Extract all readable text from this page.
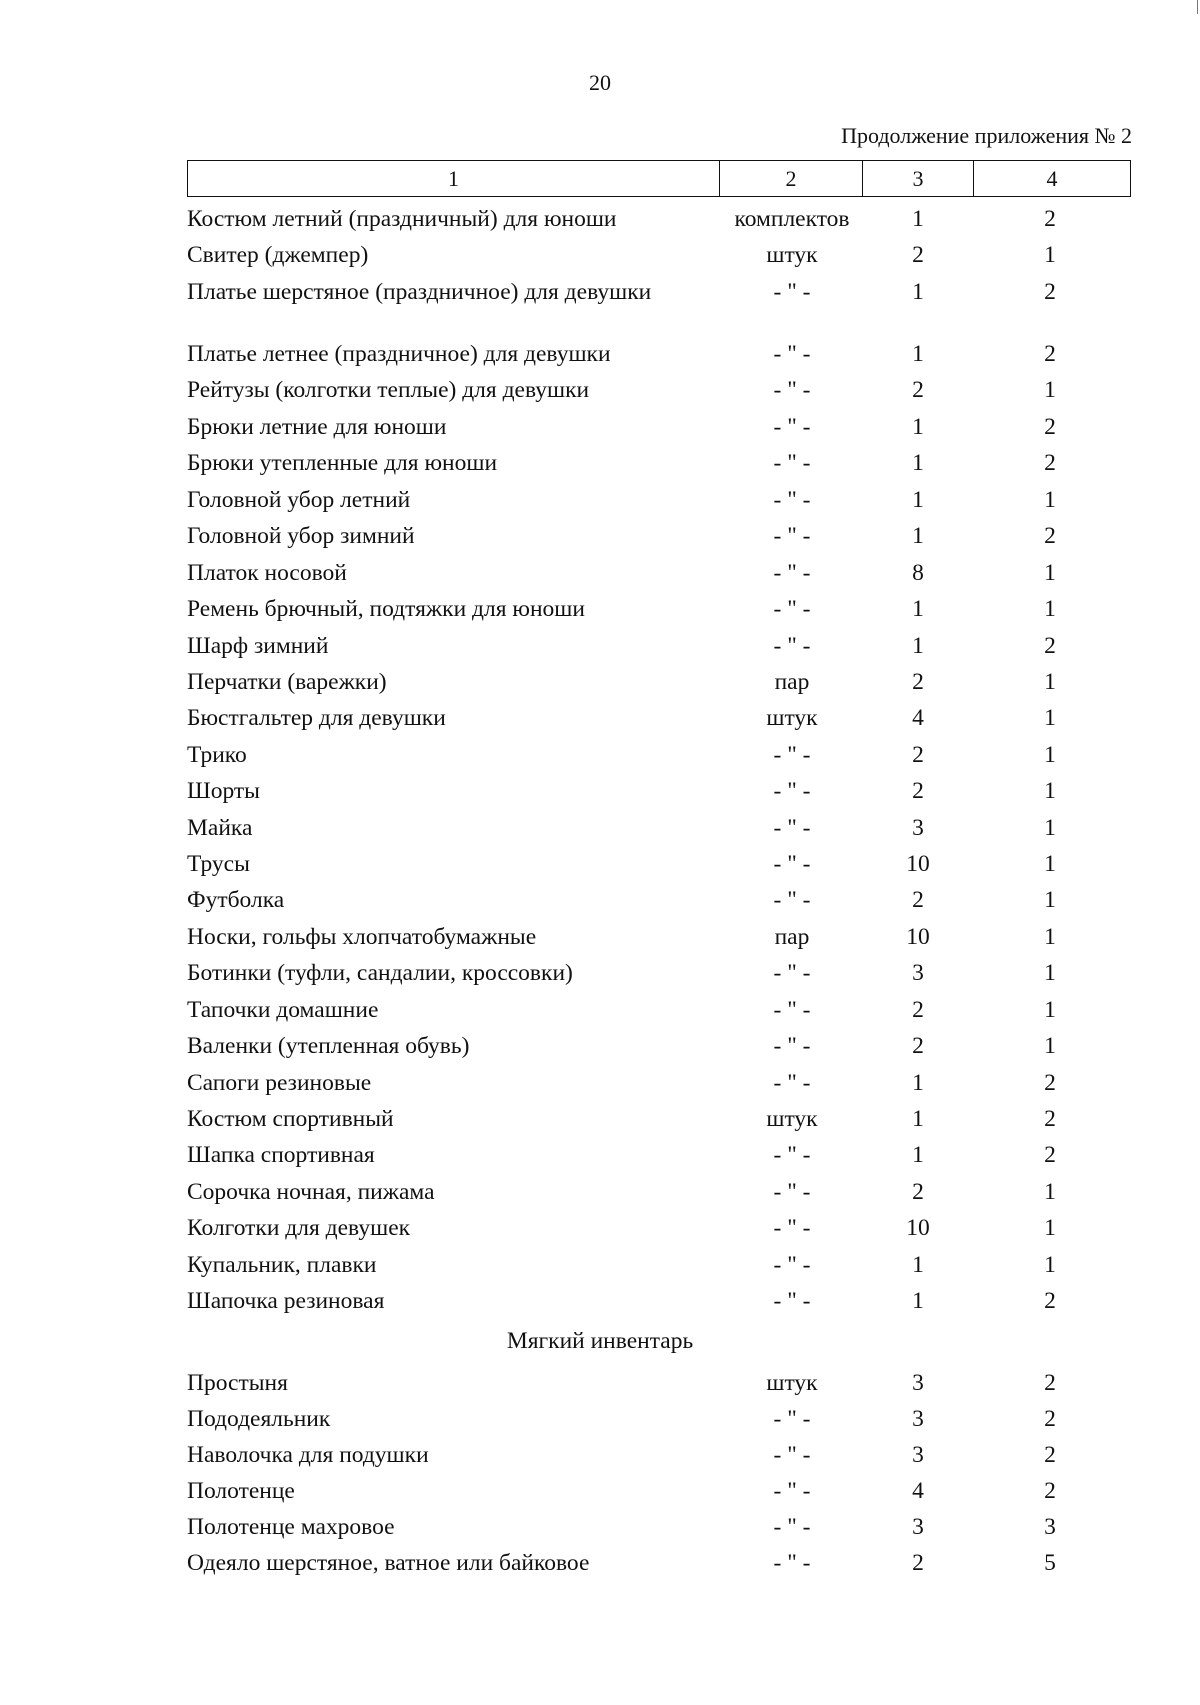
20
Продолжение приложения № 2
1	2	3	4
Костюм летний (праздничный) для юноши	комплектов	1	2
Свитер (джемпер)	штук	2	1
Платье шерстяное (праздничное) для девушки	- " -	1	2
Платье летнее (праздничное) для девушки	- " -	1	2
Рейтузы (колготки теплые) для девушки	- " -	2	1
Брюки летние для юноши	- " -	1	2
Брюки утепленные для юноши	- " -	1	2
Головной убор летний	- " -	1	1
Головной убор зимний	- " -	1	2
Платок носовой	- " -	8	1
Ремень брючный, подтяжки для юноши	- " -	1	1
Шарф зимний	- " -	1	2
Перчатки (варежки)	пар	2	1
Бюстгальтер для девушки	штук	4	1
Трико	- " -	2	1
Шорты	- " -	2	1
Майка	- " -	3	1
Трусы	- " -	10	1
Футболка	- " -	2	1
Носки, гольфы хлопчатобумажные	пар	10	1
Ботинки (туфли, сандалии, кроссовки)	- " -	3	1
Тапочки домашние	- " -	2	1
Валенки (утепленная обувь)	- " -	2	1
Сапоги резиновые	- " -	1	2
Костюм спортивный	штук	1	2
Шапка спортивная	- " -	1	2
Сорочка ночная, пижама	- " -	2	1
Колготки для девушек	- " -	10	1
Купальник, плавки	- " -	1	1
Шапочка резиновая	- " -	1	2
Мягкий инвентарь
Простыня	штук	3	2
Пододеяльник	- " -	3	2
Наволочка для подушки	- " -	3	2
Полотенце	- " -	4	2
Полотенце махровое	- " -	3	3
Одеяло шерстяное, ватное или байковое	- " -	2	5
